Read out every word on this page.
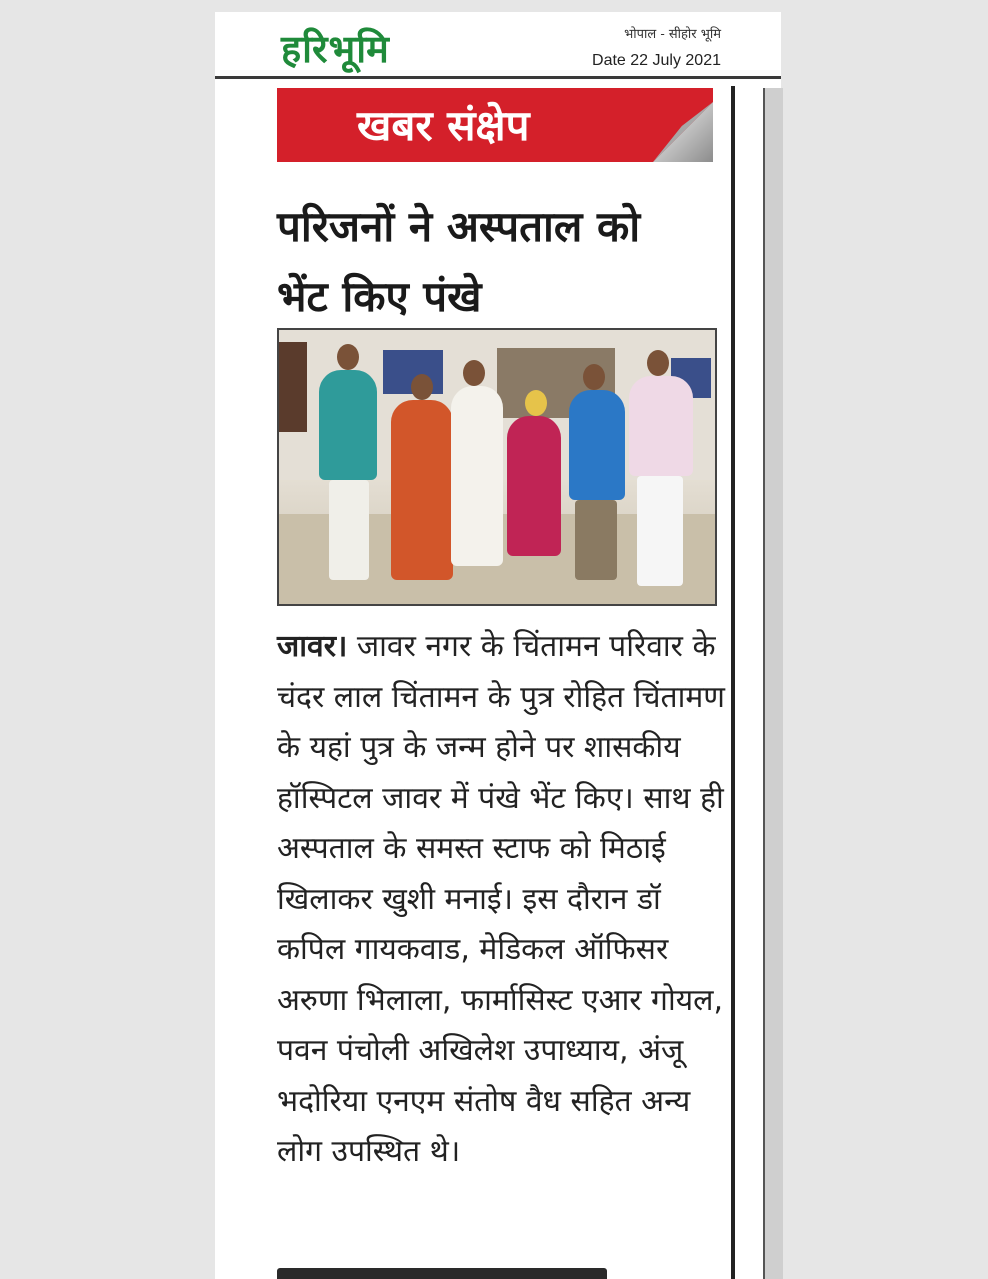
हरिभूमि	भोपाल - सीहोर भूमि
Date 22 July 2021
खबर संक्षेप
परिजनों ने अस्पताल को
भेंट किए पंखे

जावर। जावर नगर के चिंतामन परिवार के चंदर लाल चिंतामन के पुत्र रोहित चिंतामण के यहां पुत्र के जन्म होने पर शासकीय हॉस्पिटल जावर में पंखे भेंट किए। साथ ही अस्पताल के समस्त स्टाफ को मिठाई खिलाकर खुशी मनाई। इस दौरान डॉ कपिल गायकवाड, मेडिकल ऑफिसर अरुणा भिलाला, फार्मासिस्ट एआर गोयल, पवन पंचोली अखिलेश उपाध्याय, अंजू भदोरिया एनएम संतोष वैध सहित अन्य लोग उपस्थित थे।
